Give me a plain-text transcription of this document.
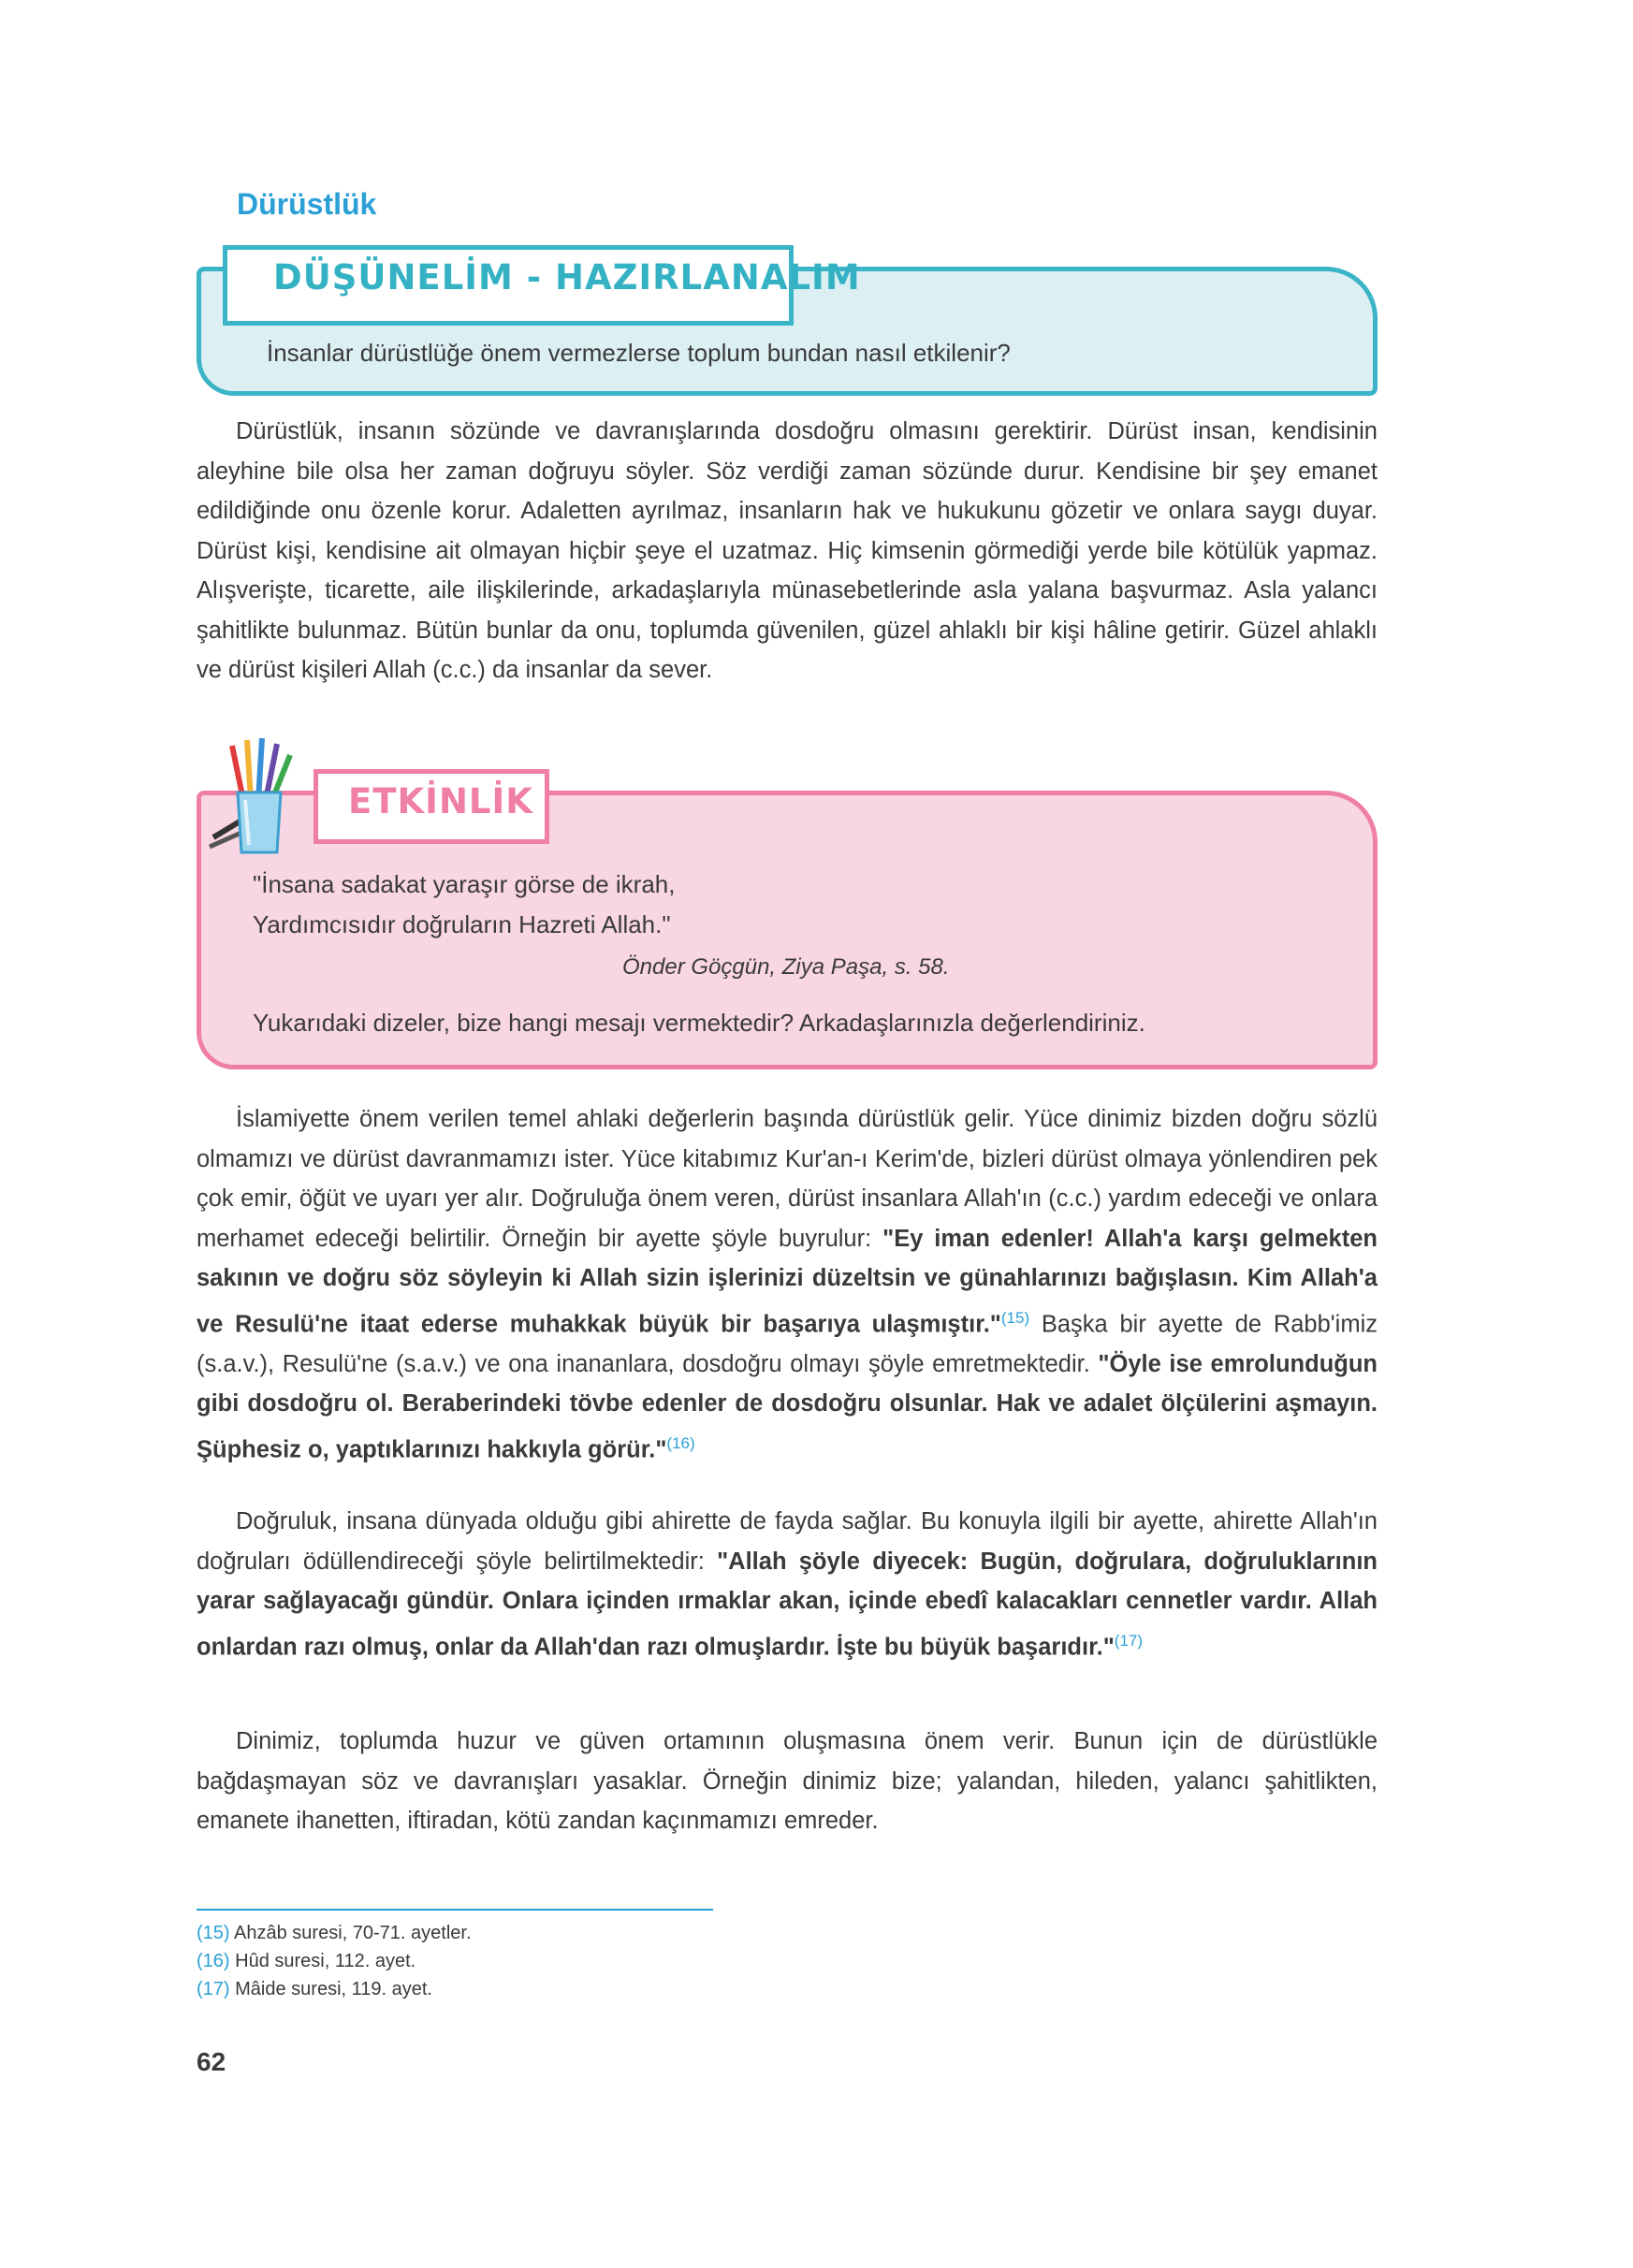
Dürüstlük
DÜŞÜNELİM - HAZIRLANALIM
İnsanlar dürüstlüğe önem vermezlerse toplum bundan nasıl etkilenir?

Dürüstlük, insanın sözünde ve davranışlarında dosdoğru olmasını gerektirir. Dürüst insan, kendisinin aleyhine bile olsa her zaman doğruyu söyler. Söz verdiği zaman sözünde durur. Kendisine bir şey emanet edildiğinde onu özenle korur. Adaletten ayrılmaz, insanların hak ve hukukunu gözetir ve onlara saygı duyar. Dürüst kişi, kendisine ait olmayan hiçbir şeye el uzatmaz. Hiç kimsenin görmediği yerde bile kötülük yapmaz. Alışverişte, ticarette, aile ilişkilerinde, arkadaşlarıyla münasebetlerinde asla yalana başvurmaz. Asla yalancı şahitlikte bulunmaz. Bütün bunlar da onu, toplumda güvenilen, güzel ahlaklı bir kişi hâline getirir. Güzel ahlaklı ve dürüst kişileri Allah (c.c.) da insanlar da sever.

ETKİNLİK
"İnsana sadakat yaraşır görse de ikrah,
Yardımcısıdır doğruların Hazreti Allah."
Önder Göçgün, Ziya Paşa, s. 58.
Yukarıdaki dizeler, bize hangi mesajı vermektedir? Arkadaşlarınızla değerlendiriniz.

İslamiyette önem verilen temel ahlaki değerlerin başında dürüstlük gelir. Yüce dinimiz bizden doğru sözlü olmamızı ve dürüst davranmamızı ister. Yüce kitabımız Kur'an-ı Kerim'de, bizleri dürüst olmaya yönlendiren pek çok emir, öğüt ve uyarı yer alır. Doğruluğa önem veren, dürüst insanlara Allah'ın (c.c.) yardım edeceği ve onlara merhamet edeceği belirtilir. Örneğin bir ayette şöyle buyrulur: "Ey iman edenler! Allah'a karşı gelmekten sakının ve doğru söz söyleyin ki Allah sizin işlerinizi düzeltsin ve günahlarınızı bağışlasın. Kim Allah'a ve Resulü'ne itaat ederse muhakkak büyük bir başarıya ulaşmıştır."$^{(15)}$ Başka bir ayette de Rabb'imiz (s.a.v.), Resulü'ne (s.a.v.) ve ona inananlara, dosdoğru olmayı şöyle emretmektedir. "Öyle ise emrolunduğun gibi dosdoğru ol. Beraberindeki tövbe edenler de dosdoğru olsunlar. Hak ve adalet ölçülerini aşmayın. Şüphesiz o, yaptıklarınızı hakkıyla görür."$^{(16)}$

Doğruluk, insana dünyada olduğu gibi ahirette de fayda sağlar. Bu konuyla ilgili bir ayette, ahirette Allah'ın doğruları ödüllendireceği şöyle belirtilmektedir: "Allah şöyle diyecek: Bugün, doğrulara, doğruluklarının yarar sağlayacağı gündür. Onlara içinden ırmaklar akan, içinde ebedî kalacakları cennetler vardır. Allah onlardan razı olmuş, onlar da Allah'dan razı olmuşlardır. İşte bu büyük başarıdır."$^{(17)}$

Dinimiz, toplumda huzur ve güven ortamının oluşmasına önem verir. Bunun için de dürüstlükle bağdaşmayan söz ve davranışları yasaklar. Örneğin dinimiz bize; yalandan, hileden, yalancı şahitlikten, emanete ihanetten, iftiradan, kötü zandan kaçınmamızı emreder.

(15) Ahzâb suresi, 70-71. ayetler.
(16) Hûd suresi, 112. ayet.
(17) Mâide suresi, 119. ayet.
62
